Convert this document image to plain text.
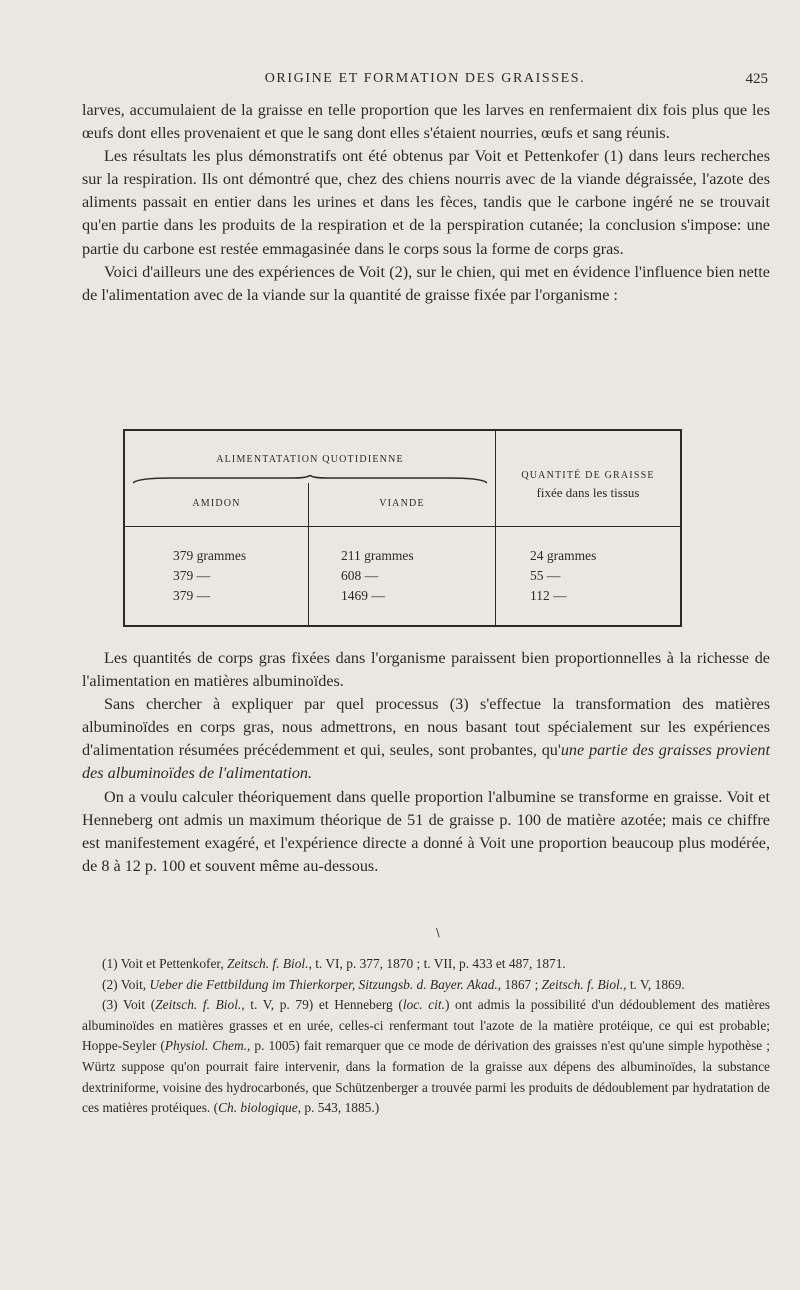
ORIGINE ET FORMATION DES GRAISSES.	425

larves, accumulaient de la graisse en telle proportion que les larves en renfermaient dix fois plus que les œufs dont elles provenaient et que le sang dont elles s'étaient nourries, œufs et sang réunis.

Les résultats les plus démonstratifs ont été obtenus par Voit et Pettenkofer (1) dans leurs recherches sur la respiration. Ils ont démontré que, chez des chiens nourris avec de la viande dégraissée, l'azote des aliments passait en entier dans les urines et dans les fèces, tandis que le carbone ingéré ne se trouvait qu'en partie dans les produits de la respiration et de la perspiration cutanée; la conclusion s'impose: une partie du carbone est restée emmagasinée dans le corps sous la forme de corps gras.

Voici d'ailleurs une des expériences de Voit (2), sur le chien, qui met en évidence l'influence bien nette de l'alimentation avec de la viande sur la quantité de graisse fixée par l'organisme :

ALIMENTATATION QUOTIDIENNE
AMIDON	VIANDE
QUANTITÉ DE GRAISSE
fixée dans les tissus
379 grammes	211 grammes	24 grammes
379 —	608 —	55 —
379 —	1469 —	112 —

Les quantités de corps gras fixées dans l'organisme paraissent bien proportionnelles à la richesse de l'alimentation en matières albuminoïdes.

Sans chercher à expliquer par quel processus (3) s'effectue la transformation des matières albuminoïdes en corps gras, nous admettrons, en nous basant tout spécialement sur les expériences d'alimentation résumées précédemment et qui, seules, sont probantes, qu'une partie des graisses provient des albuminoïdes de l'alimentation.

On a voulu calculer théoriquement dans quelle proportion l'albumine se transforme en graisse. Voit et Henneberg ont admis un maximum théorique de 51 de graisse p. 100 de matière azotée; mais ce chiffre est manifestement exagéré, et l'expérience directe a donné à Voit une proportion beaucoup plus modérée, de 8 à 12 p. 100 et souvent même au-dessous.

\

(1) Voit et Pettenkofer, Zeitsch. f. Biol., t. VI, p. 377, 1870 ; t. VII, p. 433 et 487, 1871.

(2) Voit, Ueber die Fettbildung im Thierkorper, Sitzungsb. d. Bayer. Akad., 1867 ; Zeitsch. f. Biol., t. V, 1869.

(3) Voit (Zeitsch. f. Biol., t. V, p. 79) et Henneberg (loc. cit.) ont admis la possibilité d'un dédoublement des matières albuminoïdes en matières grasses et en urée, celles-ci renfermant tout l'azote de la matière protéique, ce qui est probable; Hoppe-Seyler (Physiol. Chem., p. 1005) fait remarquer que ce mode de dérivation des graisses n'est qu'une simple hypothèse ; Würtz suppose qu'on pourrait faire intervenir, dans la formation de la graisse aux dépens des albuminoïdes, la substance dextriniforme, voisine des hydrocarbonés, que Schützenberger a trouvée parmi les produits de dédoublement par hydratation de ces matières protéiques. (Ch. biologique, p. 543, 1885.)
